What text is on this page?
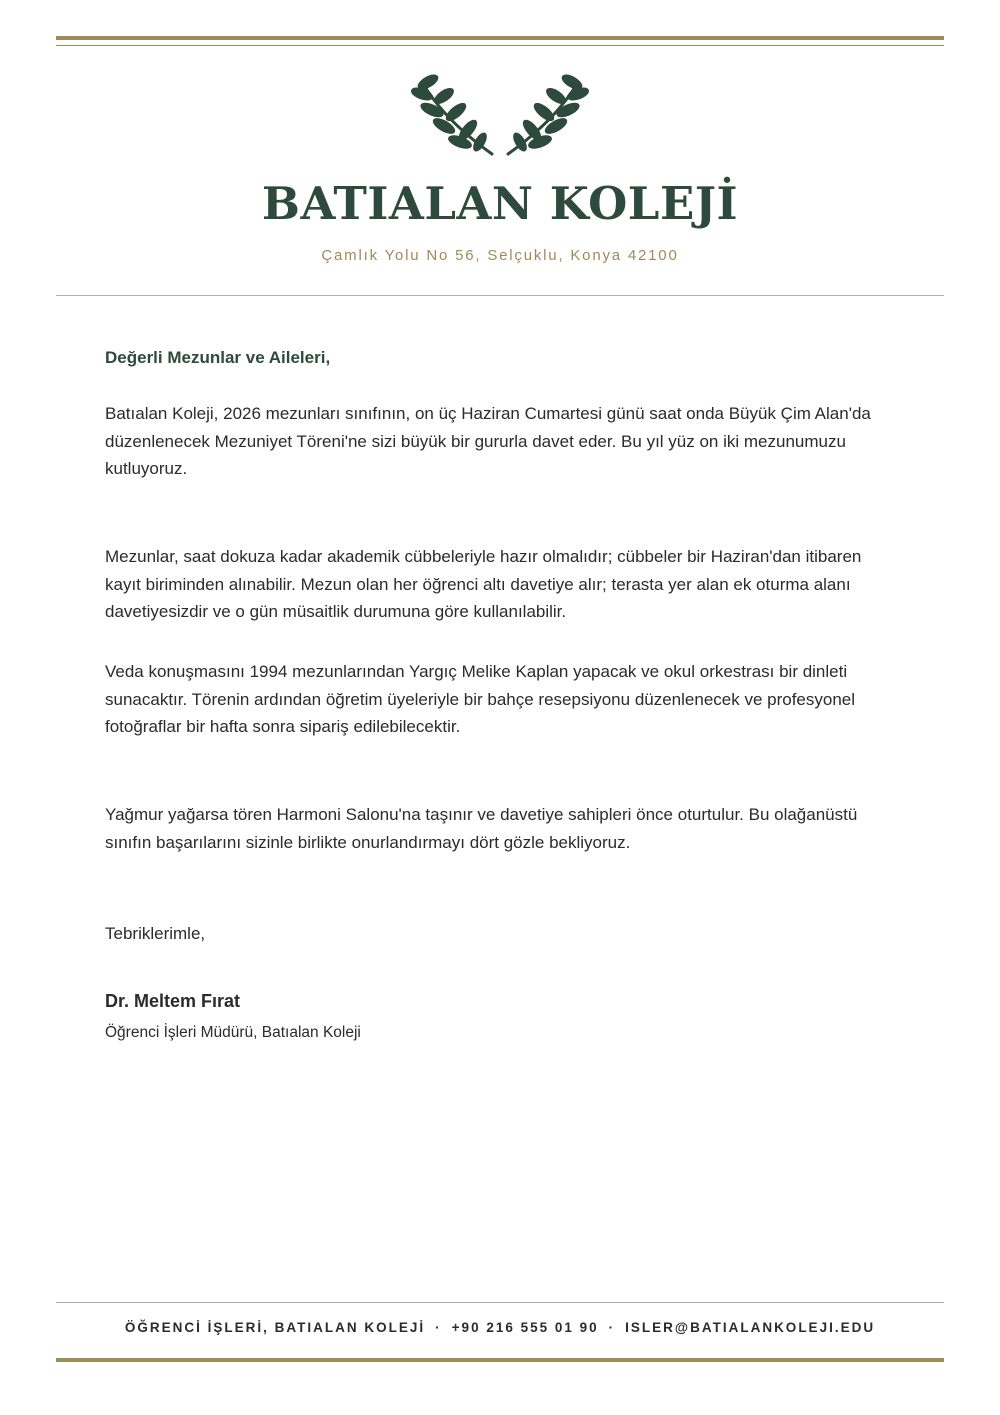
BATIALAN KOLEJİ
Çamlık Yolu No 56, Selçuklu, Konya 42100
Değerli Mezunlar ve Aileleri,
Batıalan Koleji, 2026 mezunları sınıfının, on üç Haziran Cumartesi günü saat onda Büyük Çim Alan'da düzenlenecek Mezuniyet Töreni'ne sizi büyük bir gururla davet eder. Bu yıl yüz on iki mezunumuzu kutluyoruz.
Mezunlar, saat dokuza kadar akademik cübbeleriyle hazır olmalıdır; cübbeler bir Haziran'dan itibaren kayıt biriminden alınabilir. Mezun olan her öğrenci altı davetiye alır; terasta yer alan ek oturma alanı davetiyesizdir ve o gün müsaitlik durumuna göre kullanılabilir.
Veda konuşmasını 1994 mezunlarından Yargıç Melike Kaplan yapacak ve okul orkestrası bir dinleti sunacaktır. Törenin ardından öğretim üyeleriyle bir bahçe resepsiyonu düzenlenecek ve profesyonel fotoğraflar bir hafta sonra sipariş edilebilecektir.
Yağmur yağarsa tören Harmoni Salonu'na taşınır ve davetiye sahipleri önce oturtulur. Bu olağanüstü sınıfın başarılarını sizinle birlikte onurlandırmayı dört gözle bekliyoruz.
Tebriklerimle,
Dr. Meltem Fırat
Öğrenci İşleri Müdürü, Batıalan Koleji
ÖĞRENCİ İŞLERİ, BATIALAN KOLEJİ · +90 216 555 01 90 · ISLER@BATIALANKOLEJI.EDU
